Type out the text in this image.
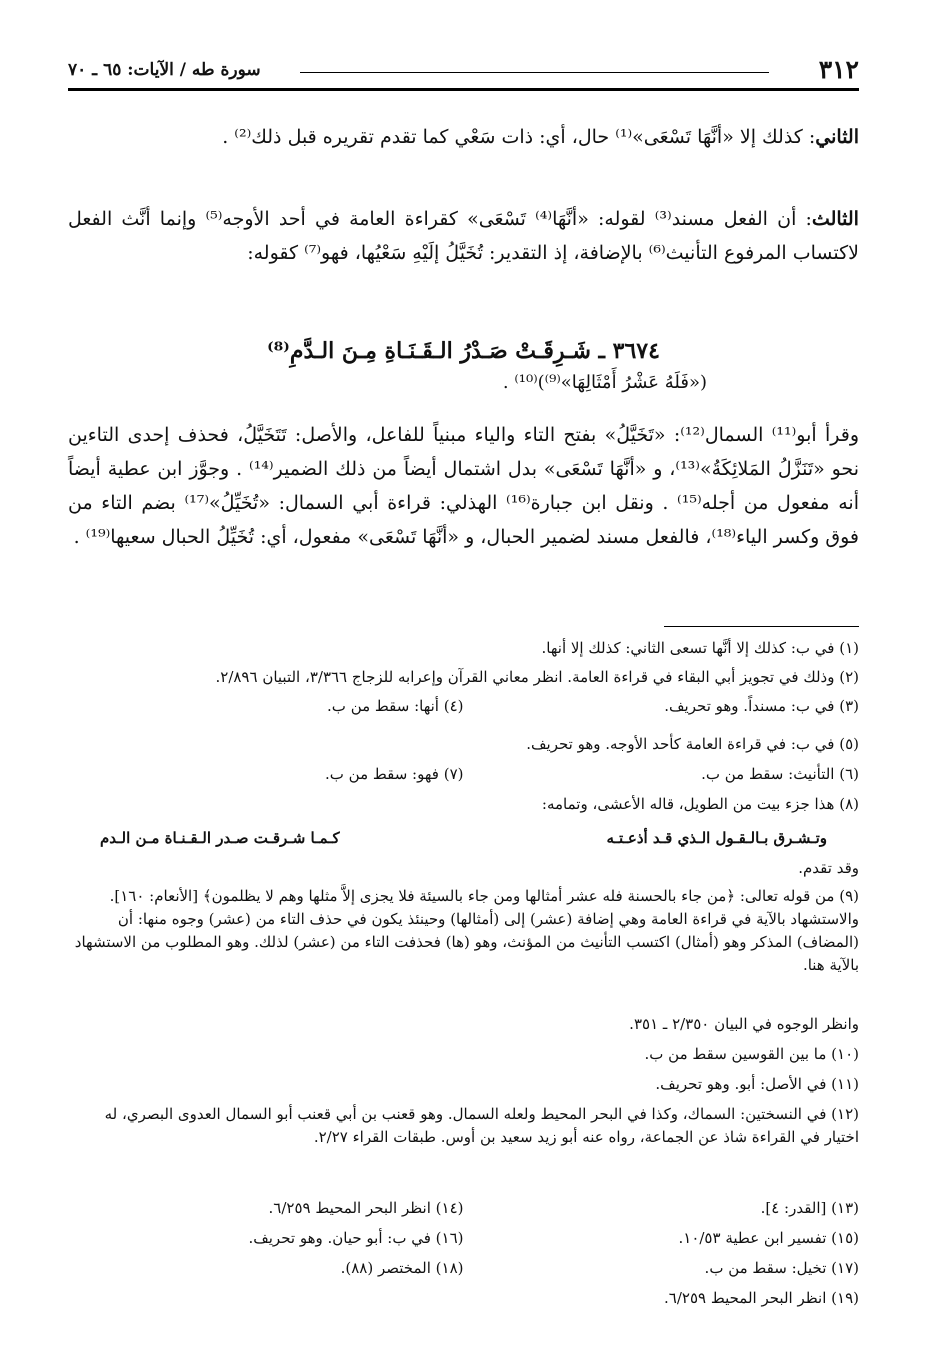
٣١٢
سورة طه / الآيات: ٦٥ ـ ٧٠
الثاني: كذلك إلا «أنَّهَا تَسْعَى»⁽¹⁾ حال، أي: ذات سَعْي كما تقدم تقريره قبل ذلك⁽²⁾ .
الثالث: أن الفعل مسند⁽³⁾ لقوله: «أنَّهَا⁽⁴⁾ تَسْعَى» كقراءة العامة في أحد الأوجه⁽⁵⁾ وإنما أنَّث الفعل لاكتساب المرفوع التأنيث⁽⁶⁾ بالإضافة، إذ التقدير: تُخَيَّلُ إلَيْهِ سَعْيُها، فهو⁽⁷⁾ كقوله:
٣٦٧٤ ـ شَـرِقَـتْ صَـدْرُ الـقَـنَـاةِ مِـنَ الـدَّمِ⁽⁸⁾
(«فَلَهُ عَشْرُ أَمْثَالِهَا»⁽⁹⁾)⁽¹⁰⁾ .
وقرأ أبو⁽¹¹⁾ السمال⁽¹²⁾: «تَخَيَّلُ» بفتح التاء والياء مبنياً للفاعل، والأصل: تَتَخَيَّلُ، فحذف إحدى التاءين نحو «تَنَزَّلُ المَلائِكَةُ»⁽¹³⁾، و «أنَّهَا تَسْعَى» بدل اشتمال أيضاً من ذلك الضمير⁽¹⁴⁾ . وجوَّز ابن عطية أيضاً أنه مفعول من أجله⁽¹⁵⁾ . ونقل ابن جبارة⁽¹⁶⁾ الهذلي: قراءة أبي السمال: «تُخَيِّلُ»⁽¹⁷⁾ بضم التاء من فوق وكسر الياء⁽¹⁸⁾، فالفعل مسند لضمير الحبال، و «أنَّهَا تَسْعَى» مفعول، أي: تُخَيِّلُ الحبال سعيها⁽¹⁹⁾ .
(١) في ب: كذلك إلا أنَّها تسعى الثاني: كذلك إلا أنها.
(٢) وذلك في تجويز أبي البقاء في قراءة العامة. انظر معاني القرآن وإعرابه للزجاج ٣/٣٦٦، التبيان ٢/٨٩٦.
(٣) في ب: مسنداً. وهو تحريف.
(٤) أنها: سقط من ب.
(٥) في ب: في قراءة العامة كأحد الأوجه. وهو تحريف.
(٦) التأنيث: سقط من ب.
(٧) فهو: سقط من ب.
(٨) هذا جزء بيت من الطويل، قاله الأعشى، وتمامه:
وتـشـرق بـالـقـول الـذي قـد أذعـتـه
كـمـا شـرقـت صـدر الـقـنـاة مـن الـدم
وقد تقدم.
(٩) من قوله تعالى: ﴿من جاء بالحسنة فله عشر أمثالها ومن جاء بالسيئة فلا يجزى إلاَّ مثلها وهم لا يظلمون﴾ [الأنعام: ١٦٠]. والاستشهاد بالآية في قراءة العامة وهي إضافة (عشر) إلى (أمثالها) وحينئذ يكون في حذف التاء من (عشر) وجوه منها: أن (المضاف) المذكر وهو (أمثال) اكتسب التأنيث من المؤنث، وهو (ها) فحذفت التاء من (عشر) لذلك. وهو المطلوب من الاستشهاد بالآية هنا.
وانظر الوجوه في البيان ٢/٣٥٠ ـ ٣٥١.
(١٠) ما بين القوسين سقط من ب.
(١١) في الأصل: أبو. وهو تحريف.
(١٢) في النسختين: السماك، وكذا في البحر المحيط ولعله السمال. وهو قعنب بن أبي قعنب أبو السمال العدوى البصري، له اختيار في القراءة شاذ عن الجماعة، رواه عنه أبو زيد سعيد بن أوس. طبقات القراء ٢/٢٧.
(١٣) [القدر: ٤].
(١٤) انظر البحر المحيط ٦/٢٥٩.
(١٥) تفسير ابن عطية ١٠/٥٣.
(١٦) في ب: أبو حيان. وهو تحريف.
(١٧) تخيل: سقط من ب.
(١٨) المختصر (٨٨).
(١٩) انظر البحر المحيط ٦/٢٥٩.
